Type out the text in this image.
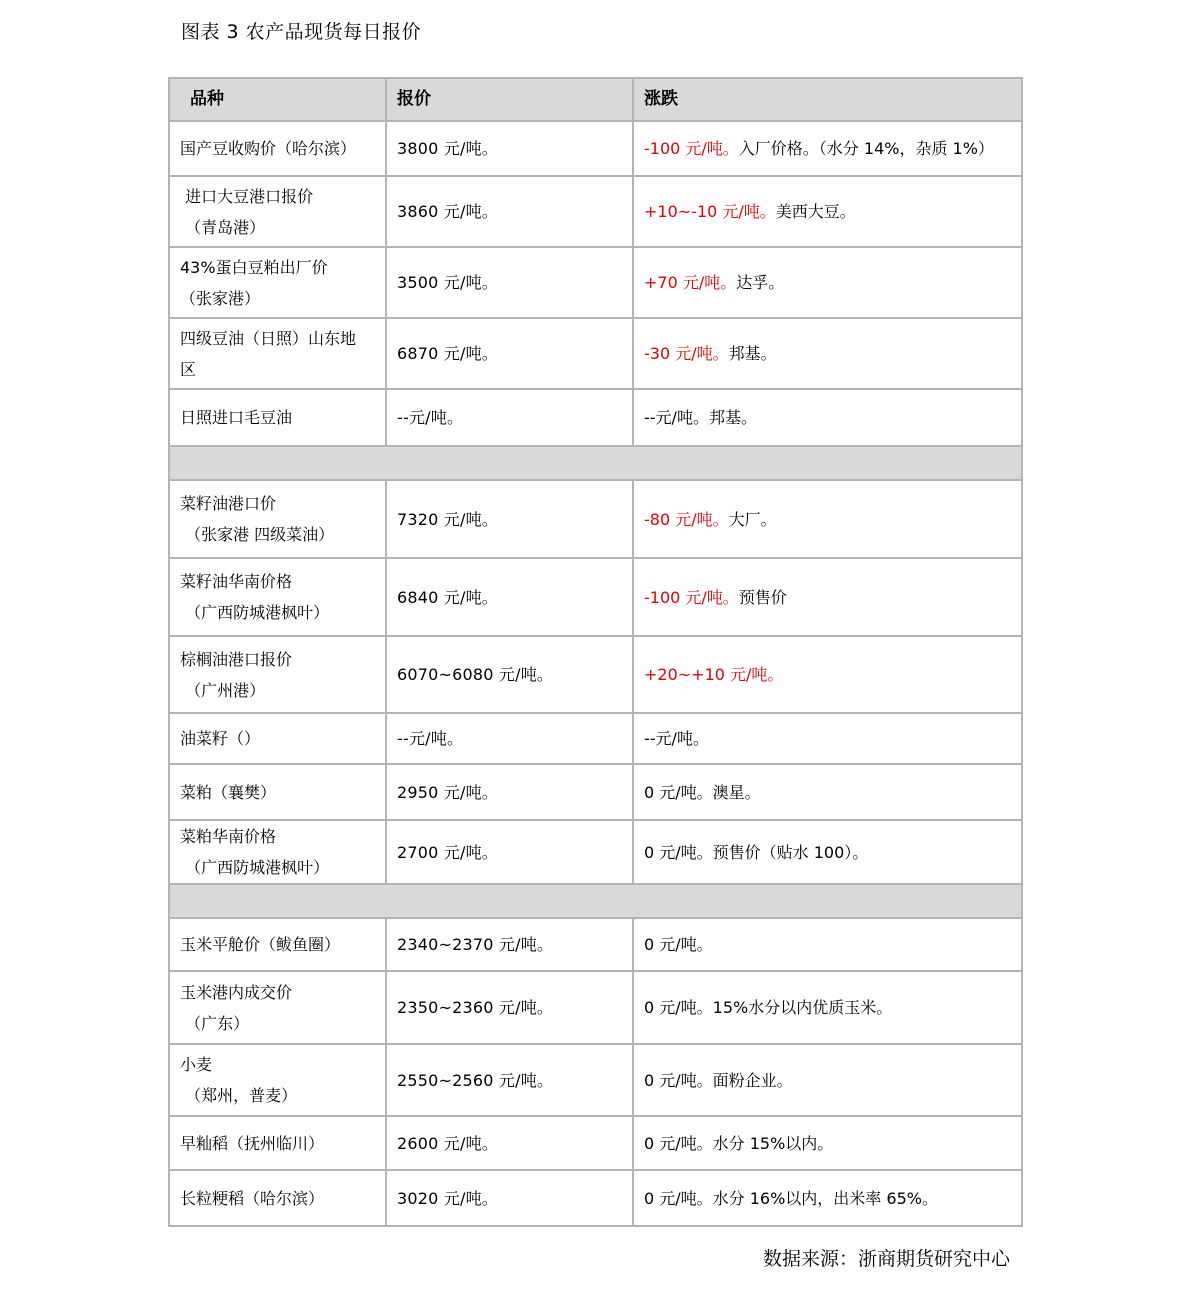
图表 3 农产品现货每日报价
品种	报价	涨跌
国产豆收购价（哈尔滨）	3800 元/吨。	-100 元/吨。入厂价格。（水分 14%，杂质 1%）
进口大豆港口报价
（青岛港）	3860 元/吨。	+10~-10 元/吨。美西大豆。
43%蛋白豆粕出厂价
（张家港）	3500 元/吨。	+70 元/吨。达孚。
四级豆油（日照）山东地
区	6870 元/吨。	-30 元/吨。邦基。
日照进口毛豆油	--元/吨。	--元/吨。邦基。

菜籽油港口价
（张家港 四级菜油）	7320 元/吨。	-80 元/吨。大厂。
菜籽油华南价格
（广西防城港枫叶）	6840 元/吨。	-100 元/吨。预售价
棕榈油港口报价
（广州港）	6070~6080 元/吨。	+20~+10 元/吨。
油菜籽（）	--元/吨。	--元/吨。
菜粕（襄樊）	2950 元/吨。	0 元/吨。澳星。
菜粕华南价格
（广西防城港枫叶）	2700 元/吨。	0 元/吨。预售价（贴水 100）。

玉米平舱价（鲅鱼圈）	2340~2370 元/吨。	0 元/吨。
玉米港内成交价
（广东）	2350~2360 元/吨。	0 元/吨。15%水分以内优质玉米。
小麦
（郑州，普麦）	2550~2560 元/吨。	0 元/吨。面粉企业。
早籼稻（抚州临川）	2600 元/吨。	0 元/吨。水分 15%以内。
长粒粳稻（哈尔滨）	3020 元/吨。	0 元/吨。水分 16%以内，出米率 65%。
数据来源：浙商期货研究中心
